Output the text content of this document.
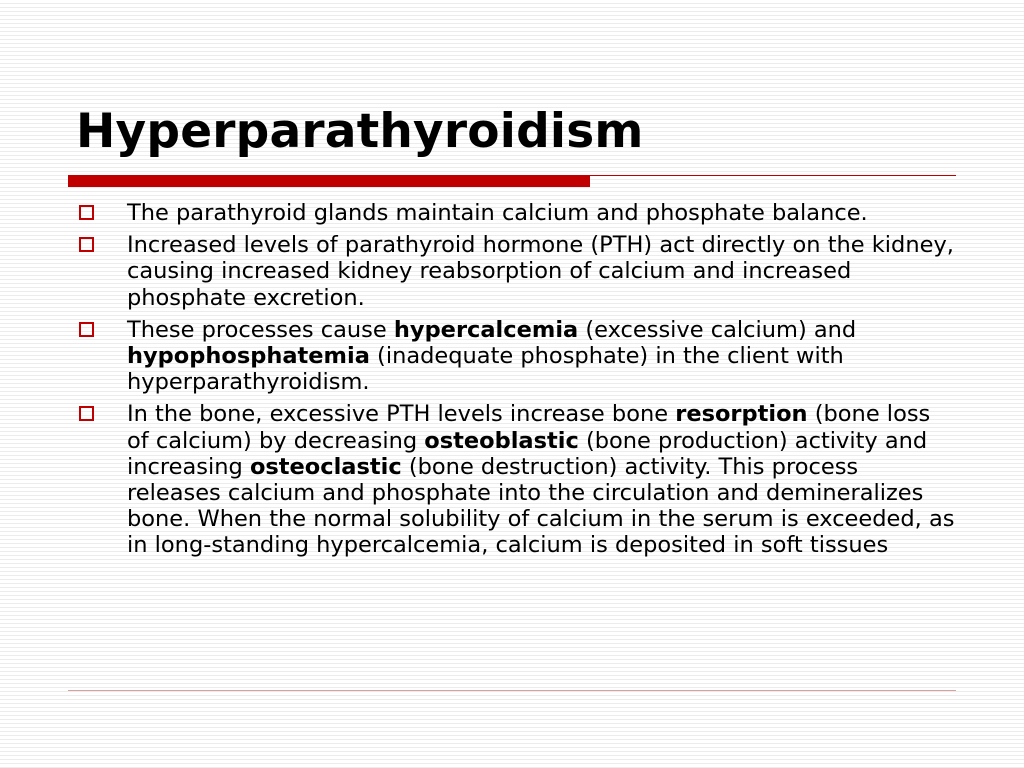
Hyperparathyroidism
The parathyroid glands maintain calcium and phosphate balance.
Increased levels of parathyroid hormone (PTH) act directly on the kidney, causing increased kidney reabsorption of calcium and increased phosphate excretion.
These processes cause hypercalcemia (excessive calcium) and hypophosphatemia (inadequate phosphate) in the client with hyperparathyroidism.
In the bone, excessive PTH levels increase bone resorption (bone loss of calcium) by decreasing osteoblastic (bone production) activity and increasing osteoclastic (bone destruction) activity. This process releases calcium and phosphate into the circulation and demineralizes bone. When the normal solubility of calcium in the serum is exceeded, as in long-standing hypercalcemia, calcium is deposited in soft tissues
